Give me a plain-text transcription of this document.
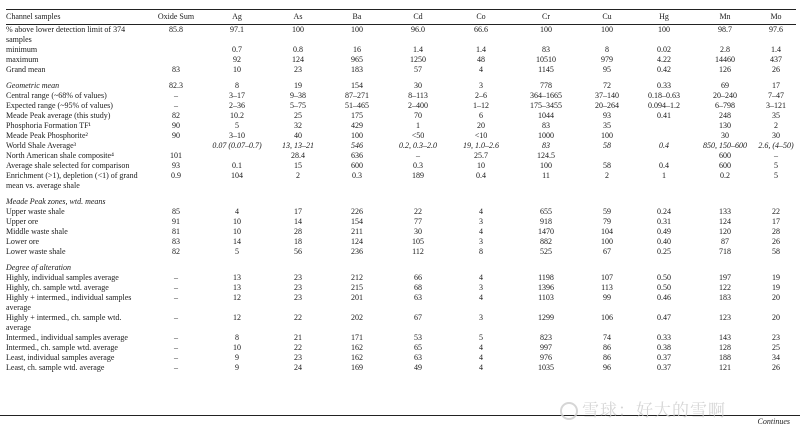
Channel samples	Oxide Sum	Ag	As	Ba	Cd	Co	Cr	Cu	Hg	Mn	Mo
% above lower detection limit of 374 samples	85.8	97.1	100	100	96.0	66.6	100	100	100	98.7	97.6
minimum		0.7	0.8	16	1.4	1.4	83	8	0.02	2.8	1.4
maximum		92	124	965	1250	48	10510	979	4.22	14460	437
Grand mean	83	10	23	183	57	4	1145	95	0.42	126	26
Geometric mean	82.3	8	19	154	30	3	778	72	0.33	69	17
Central range (~68% of values)	–	3–17	9–38	87–271	8–113	2–6	364–1665	37–140	0.18–0.63	20–240	7–47
Expected range (~95% of values)	–	2–36	5–75	51–465	2–400	1–12	175–3455	20–264	0.094–1.2	6–798	3–121
Meade Peak average (this study)	82	10.2	25	175	70	6	1044	93	0.41	248	35
Phosphoria Formation TF¹	90	5	32	429	1	20	83	35		130	2
Meade Peak Phosphorite²	90	3–10	40	100	<50	<10	1000	100		30	30
World Shale Average³		0.07 (0.07–0.7)	13, 13–21	546	0.2, 0.3–2.0	19, 1.0–2.6	83	58	0.4	850, 150–600	2.6, (4–50)
North American shale composite⁴	101		28.4	636	–	25.7	124.5			600	–
Average shale selected for comparison	93	0.1	15	600	0.3	10	100	58	0.4	600	5
Enrichment (>1), depletion (<1) of grand mean vs. average shale	0.9	104	2	0.3	189	0.4	11	2	1	0.2	5
Meade Peak zones, wtd. means											
Upper waste shale	85	4	17	226	22	4	655	59	0.24	133	22
Upper ore	91	10	14	154	77	3	918	79	0.31	124	17
Middle waste shale	81	10	28	211	30	4	1470	104	0.49	120	28
Lower ore	83	14	18	124	105	3	882	100	0.40	87	26
Lower waste shale	82	5	56	236	112	8	525	67	0.25	718	58
Degree of alteration											
Highly, individual samples average	–	13	23	212	66	4	1198	107	0.50	197	19
Highly, ch. sample wtd. average	–	13	23	215	68	3	1396	113	0.50	122	19
Highly + intermed., individual samples average	–	12	23	201	63	4	1103	99	0.46	183	20
Highly + intermed., ch. sample wtd. average	–	12	22	202	67	3	1299	106	0.47	123	20
Intermed., individual samples average	–	8	21	171	53	5	823	74	0.33	143	23
Intermed., ch. sample wtd. average	–	10	22	162	65	4	997	86	0.38	128	25
Least, individual samples average	–	9	23	162	63	4	976	86	0.37	188	34
Least, ch. sample wtd. average	–	9	24	169	49	4	1035	96	0.37	121	26
Continues
雪球：好大的雪啊
